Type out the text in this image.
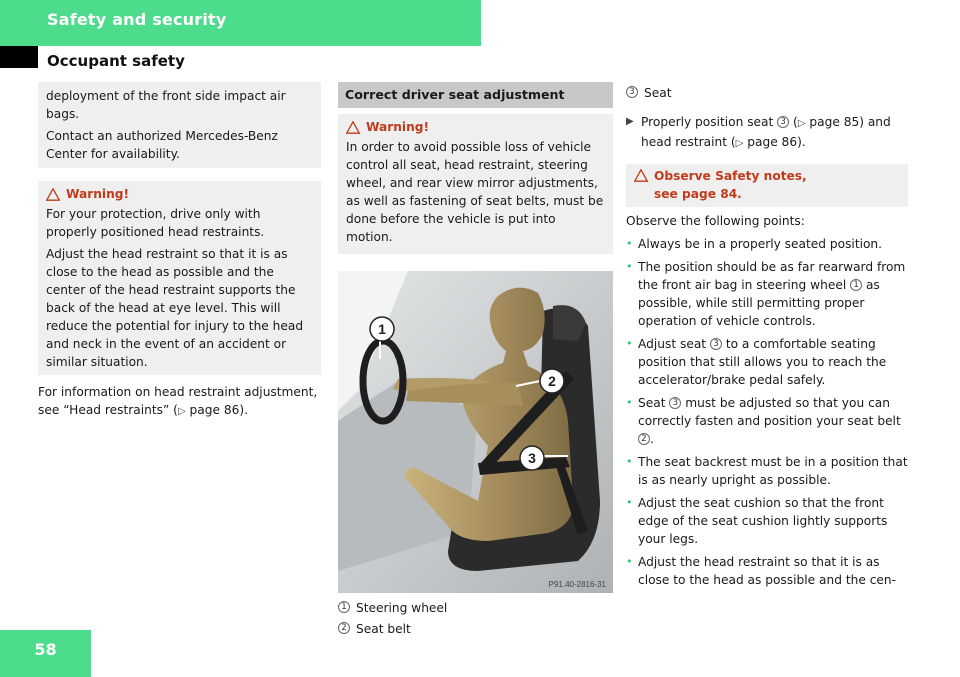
Safety and security
Occupant safety

deployment of the front side impact air bags.

Contact an authorized Mercedes-Benz Center for availability.

Warning!

For your protection, drive only with properly positioned head restraints.

Adjust the head restraint so that it is as close to the head as possible and the center of the head restraint supports the back of the head at eye level. This will reduce the potential for injury to the head and neck in the event of an accident or similar situation.

For information on head restraint adjustment, see “Head restraints” (▷ page 86).

Correct driver seat adjustment
Warning!

In order to avoid possible loss of vehicle control all seat, head restraint, steering wheel, and rear view mirror adjustments, as well as fastening of seat belts, must be done before the vehicle is put into motion.

1
2
3
P91.40-2816-31
1 Steering wheel
2 Seat belt
3 Seat
▶ Properly position seat 3 (▷ page 85) and head restraint (▷ page 86).

Observe Safety notes, see page 84.

Observe the following points:

• Always be in a properly seated position.

• The position should be as far rearward from the front air bag in steering wheel 1 as possible, while still permitting proper operation of vehicle controls.

• Adjust seat 3 to a comfortable seating position that still allows you to reach the accelerator/brake pedal safely.

• Seat 3 must be adjusted so that you can correctly fasten and position your seat belt 2 .

• The seat backrest must be in a position that is as nearly upright as possible.

• Adjust the seat cushion so that the front edge of the seat cushion lightly supports your legs.

• Adjust the head restraint so that it is as close to the head as possible and the cen-

58
